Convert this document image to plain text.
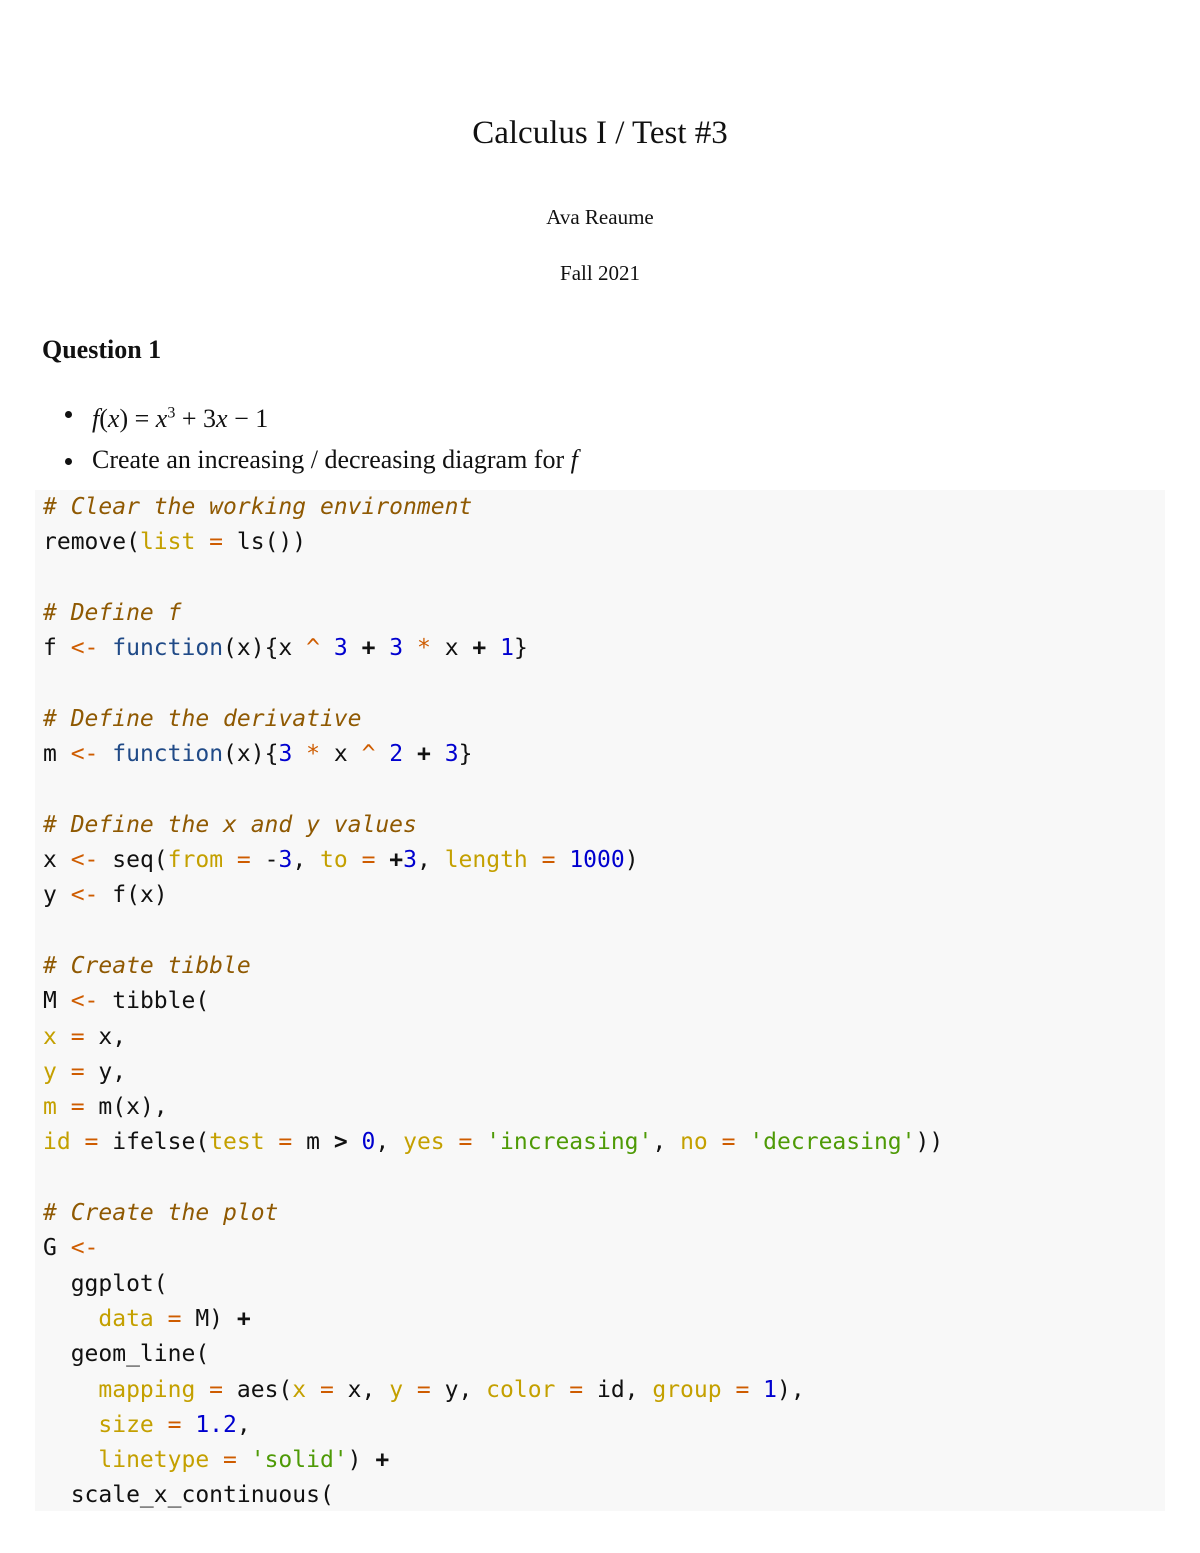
Calculus I / Test #3
Ava Reaume
Fall 2021
Question 1
$f(x) = x^3 + 3x - 1$
Create an increasing / decreasing diagram for f
# Clear the working environment
remove(list = ls())
# Define f
f <- function(x){x ^ 3 + 3 * x + 1}
# Define the derivative
m <- function(x){3 * x ^ 2 + 3}
# Define the x and y values
x <- seq(from = -3, to = +3, length = 1000)
y <- f(x)
# Create tibble
M <- tibble(
x = x,
y = y,
m = m(x),
id = ifelse(test = m > 0, yes = 'increasing', no = 'decreasing'))
# Create the plot
G <-
ggplot(
data = M) +
geom_line(
mapping = aes(x = x, y = y, color = id, group = 1),
size = 1.2,
linetype = 'solid') +
scale_x_continuous(
